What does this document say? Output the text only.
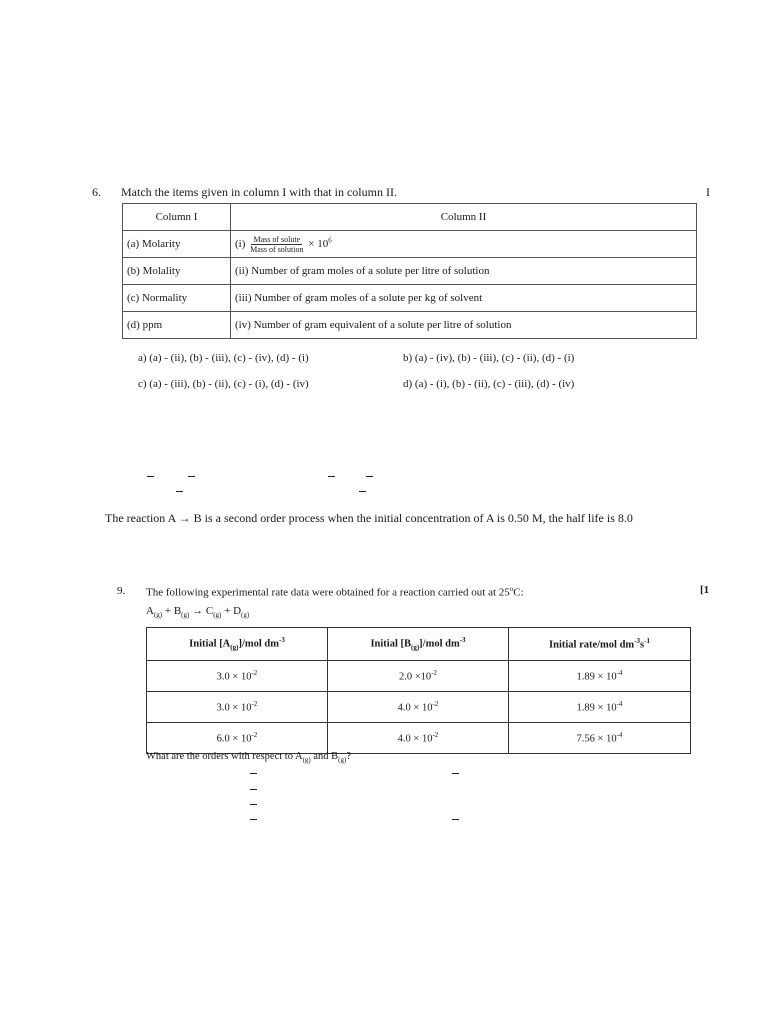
6. Match the items given in column I with that in column II.	I
Column I	Column II
(a) Molarity	$(i) \frac{\text{Mass of solute}}{\text{Mass of solution}} \times 10^6$
(b) Molality	(ii) Number of gram moles of a solute per litre of solution
(c) Normality	(iii) Number of gram moles of a solute per kg of solvent
(d) ppm	(iv) Number of gram equivalent of a solute per litre of solution
a) (a) - (ii), (b) - (iii), (c) - (iv), (d) - (i)	b) (a) - (iv), (b) - (iii), (c) - (ii), (d) - (i)
c) (a) - (iii), (b) - (ii), (c) - (i), (d) - (iv)	d) (a) - (i), (b) - (ii), (c) - (iii), (d) - (iv)
The reaction A → B is a second order process when the initial concentration of A is 0.50 M, the half life is 8.0
9. The following experimental rate data were obtained for a reaction carried out at 25$^o$C:	[1
$A_{(g)} + B_{(g)} \to C_{(g)} + D_{(g)}$
Initial $[A_{(g)}]$/mol $dm^{-3}$	Initial $[B_{(g)}]$/mol $dm^{-3}$	Initial rate/mol $dm^{-3}s^{-1}$
$3.0 \times 10^{-2}$	$2.0 \times 10^{-2}$	$1.89 \times 10^{-4}$
$3.0 \times 10^{-2}$	$4.0 \times 10^{-2}$	$1.89 \times 10^{-4}$
$6.0 \times 10^{-2}$	$4.0 \times 10^{-2}$	$7.56 \times 10^{-4}$
What are the orders with respect to $A_{(g)}$ and $B_{(g)}$?
